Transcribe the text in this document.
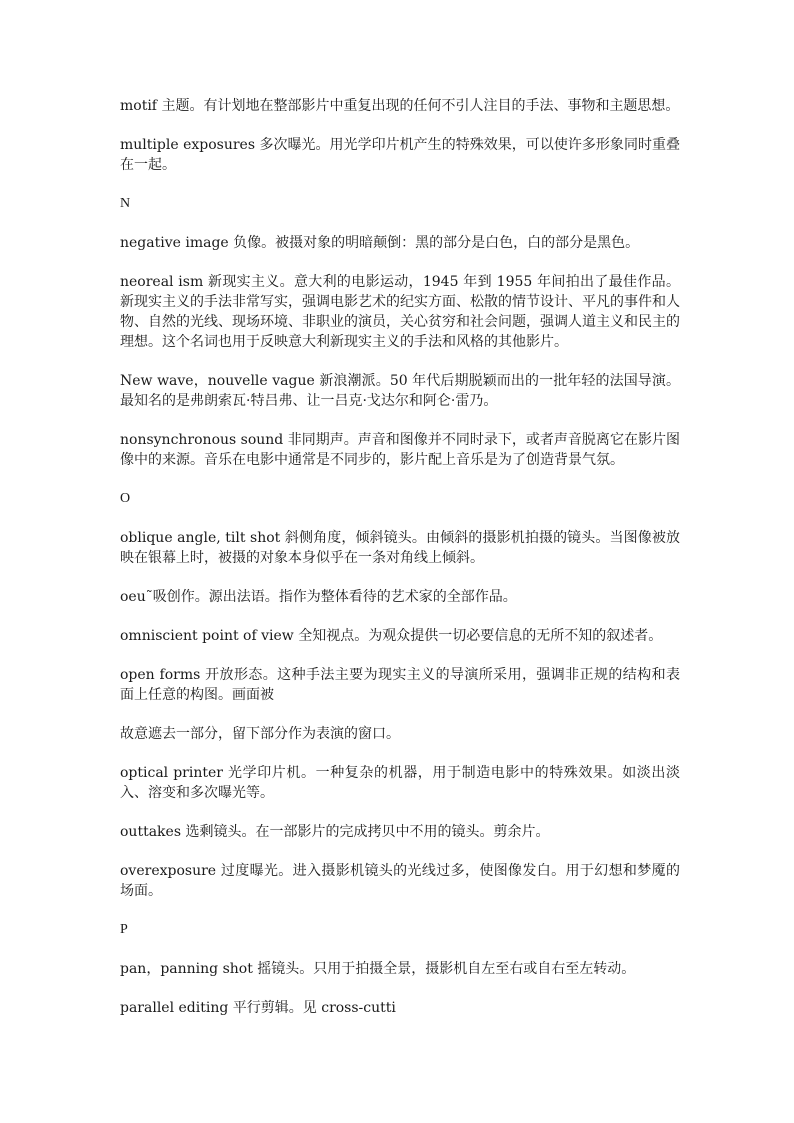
motif 主题。有计划地在整部影片中重复出现的任何不引人注目的手法、事物和主题思想。

multiple exposures 多次曝光。用光学印片机产生的特殊效果，可以使许多形象同时重叠在一起。

N

negative image 负像。被摄对象的明暗颠倒：黑的部分是白色，白的部分是黑色。

neoreal ism 新现实主义。意大利的电影运动，1945 年到 1955 年间拍出了最佳作品。新现实主义的手法非常写实，强调电影艺术的纪实方面、松散的情节设计、平凡的事件和人物、自然的光线、现场环境、非职业的演员，关心贫穷和社会问题，强调人道主义和民主的理想。这个名词也用于反映意大利新现实主义的手法和风格的其他影片。

New wave，nouvelle vague 新浪潮派。50 年代后期脱颖而出的一批年轻的法国导演。最知名的是弗朗索瓦·特吕弗、让一吕克·戈达尔和阿仑·雷乃。

nonsynchronous sound 非同期声。声音和图像并不同时录下，或者声音脱离它在影片图像中的来源。音乐在电影中通常是不同步的，影片配上音乐是为了创造背景气氛。

O

oblique angle, tilt shot 斜侧角度，倾斜镜头。由倾斜的摄影机拍摄的镜头。当图像被放映在银幕上时，被摄的对象本身似乎在一条对角线上倾斜。

oeu˜吸创作。源出法语。指作为整体看待的艺术家的全部作品。

omniscient point of view 全知视点。为观众提供一切必要信息的无所不知的叙述者。

open forms 开放形态。这种手法主要为现实主义的导演所采用，强调非正规的结构和表面上任意的构图。画面被

故意遮去一部分，留下部分作为表演的窗口。

optical printer 光学印片机。一种复杂的机器，用于制造电影中的特殊效果。如淡出淡入、溶变和多次曝光等。

outtakes 选剩镜头。在一部影片的完成拷贝中不用的镜头。剪余片。

overexposure 过度曝光。进入摄影机镜头的光线过多，使图像发白。用于幻想和梦魇的场面。

P

pan，panning shot 摇镜头。只用于拍摄全景，摄影机自左至右或自右至左转动。

parallel editing 平行剪辑。见 cross-cutti
